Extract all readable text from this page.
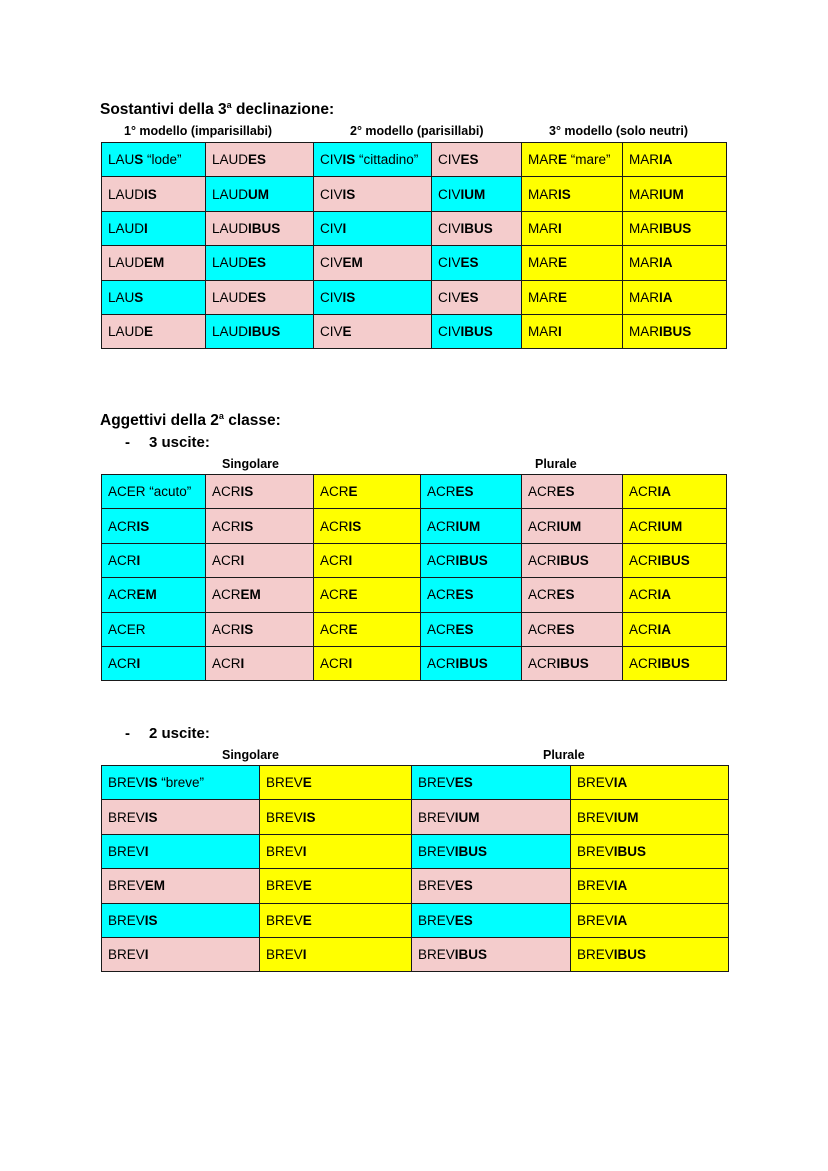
Sostantivi della 3$^a$ declinazione:
1° modello (imparisillabi)	2° modello (parisillabi)	3° modello (solo neutri)
LAUS “lode”	LAUDES	CIVIS “cittadino”	CIVES	MARE “mare”	MARIA
LAUDIS	LAUDUM	CIVIS	CIVIUM	MARIS	MARIUM
LAUDI	LAUDIBUS	CIVI	CIVIBUS	MARI	MARIBUS
LAUDEM	LAUDES	CIVEM	CIVES	MARE	MARIA
LAUS	LAUDES	CIVIS	CIVES	MARE	MARIA
LAUDE	LAUDIBUS	CIVE	CIVIBUS	MARI	MARIBUS
Aggettivi della 2$^a$ classe:
- 3 uscite:
Singolare	Plurale
ACER “acuto”	ACRIS	ACRE	ACRES	ACRES	ACRIA
ACRIS	ACRIS	ACRIS	ACRIUM	ACRIUM	ACRIUM
ACRI	ACRI	ACRI	ACRIBUS	ACRIBUS	ACRIBUS
ACREM	ACREM	ACRE	ACRES	ACRES	ACRIA
ACER	ACRIS	ACRE	ACRES	ACRES	ACRIA
ACRI	ACRI	ACRI	ACRIBUS	ACRIBUS	ACRIBUS
- 2 uscite:
Singolare	Plurale
BREVIS “breve”	BREVE	BREVES	BREVIA
BREVIS	BREVIS	BREVIUM	BREVIUM
BREVI	BREVI	BREVIBUS	BREVIBUS
BREVEM	BREVE	BREVES	BREVIA
BREVIS	BREVE	BREVES	BREVIA
BREVI	BREVI	BREVIBUS	BREVIBUS
